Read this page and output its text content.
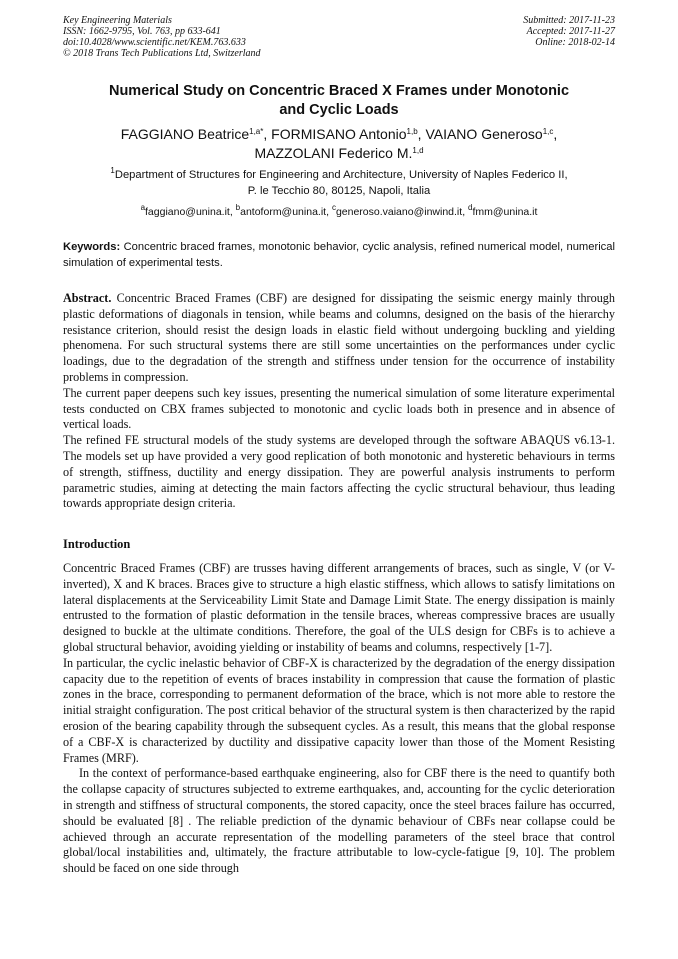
Key Engineering Materials
ISSN: 1662-9795, Vol. 763, pp 633-641
doi:10.4028/www.scientific.net/KEM.763.633
© 2018 Trans Tech Publications Ltd, Switzerland
Submitted: 2017-11-23
Accepted: 2017-11-27
Online: 2018-02-14
Numerical Study on Concentric Braced X Frames under Monotonic
and Cyclic Loads
FAGGIANO Beatrice$^{1,a*}$, FORMISANO Antonio$^{1,b}$, VAIANO Generoso$^{1,c}$,
MAZZOLANI Federico M.$^{1,d}$
$^1$Department of Structures for Engineering and Architecture, University of Naples Federico II,
P. le Tecchio 80, 80125, Napoli, Italia
$^a$faggiano@unina.it, $^b$antoform@unina.it, $^c$generoso.vaiano@inwind.it, $^d$fmm@unina.it
Keywords: Concentric braced frames, monotonic behavior, cyclic analysis, refined numerical model, numerical simulation of experimental tests.

Abstract. Concentric Braced Frames (CBF) are designed for dissipating the seismic energy mainly through plastic deformations of diagonals in tension, while beams and columns, designed on the basis of the hierarchy resistance criterion, should resist the design loads in elastic field without undergoing buckling and yielding phenomena. For such structural systems there are still some uncertainties on the performances under cyclic loadings, due to the degradation of the strength and stiffness under tension for the occurrence of instability problems in compression.

The current paper deepens such key issues, presenting the numerical simulation of some literature experimental tests conducted on CBX frames subjected to monotonic and cyclic loads both in presence and in absence of vertical loads.

The refined FE structural models of the study systems are developed through the software ABAQUS v6.13-1. The models set up have provided a very good replication of both monotonic and hysteretic behaviours in terms of strength, stiffness, ductility and energy dissipation. They are powerful analysis instruments to perform parametric studies, aiming at detecting the main factors affecting the cyclic structural behaviour, thus leading towards appropriate design criteria.

Introduction

Concentric Braced Frames (CBF) are trusses having different arrangements of braces, such as single, V (or V-inverted), X and K braces. Braces give to structure a high elastic stiffness, which allows to satisfy limitations on lateral displacements at the Serviceability Limit State and Damage Limit State. The energy dissipation is mainly entrusted to the formation of plastic deformation in the tensile braces, whereas compressive braces are usually designed to buckle at the ultimate conditions. Therefore, the goal of the ULS design for CBFs is to achieve a global structural behavior, avoiding yielding or instability of beams and columns, respectively [1-7].

In particular, the cyclic inelastic behavior of CBF-X is characterized by the degradation of the energy dissipation capacity due to the repetition of events of braces instability in compression that cause the formation of plastic zones in the brace, corresponding to permanent deformation of the brace, which is not more able to restore the initial straight configuration. The post critical behavior of the structural system is then characterized by the rapid erosion of the bearing capability through the subsequent cycles. As a result, this means that the global response of a CBF-X is characterized by ductility and dissipative capacity lower than those of the Moment Resisting Frames (MRF).

In the context of performance-based earthquake engineering, also for CBF there is the need to quantify both the collapse capacity of structures subjected to extreme earthquakes, and, accounting for the cyclic deterioration in strength and stiffness of structural components, the stored capacity, once the steel braces failure has occurred, should be evaluated [8] . The reliable prediction of the dynamic behaviour of CBFs near collapse could be achieved through an accurate representation of the modelling parameters of the steel brace that control global/local instabilities and, ultimately, the fracture attributable to low-cycle-fatigue [9, 10]. The problem should be faced on one side through
